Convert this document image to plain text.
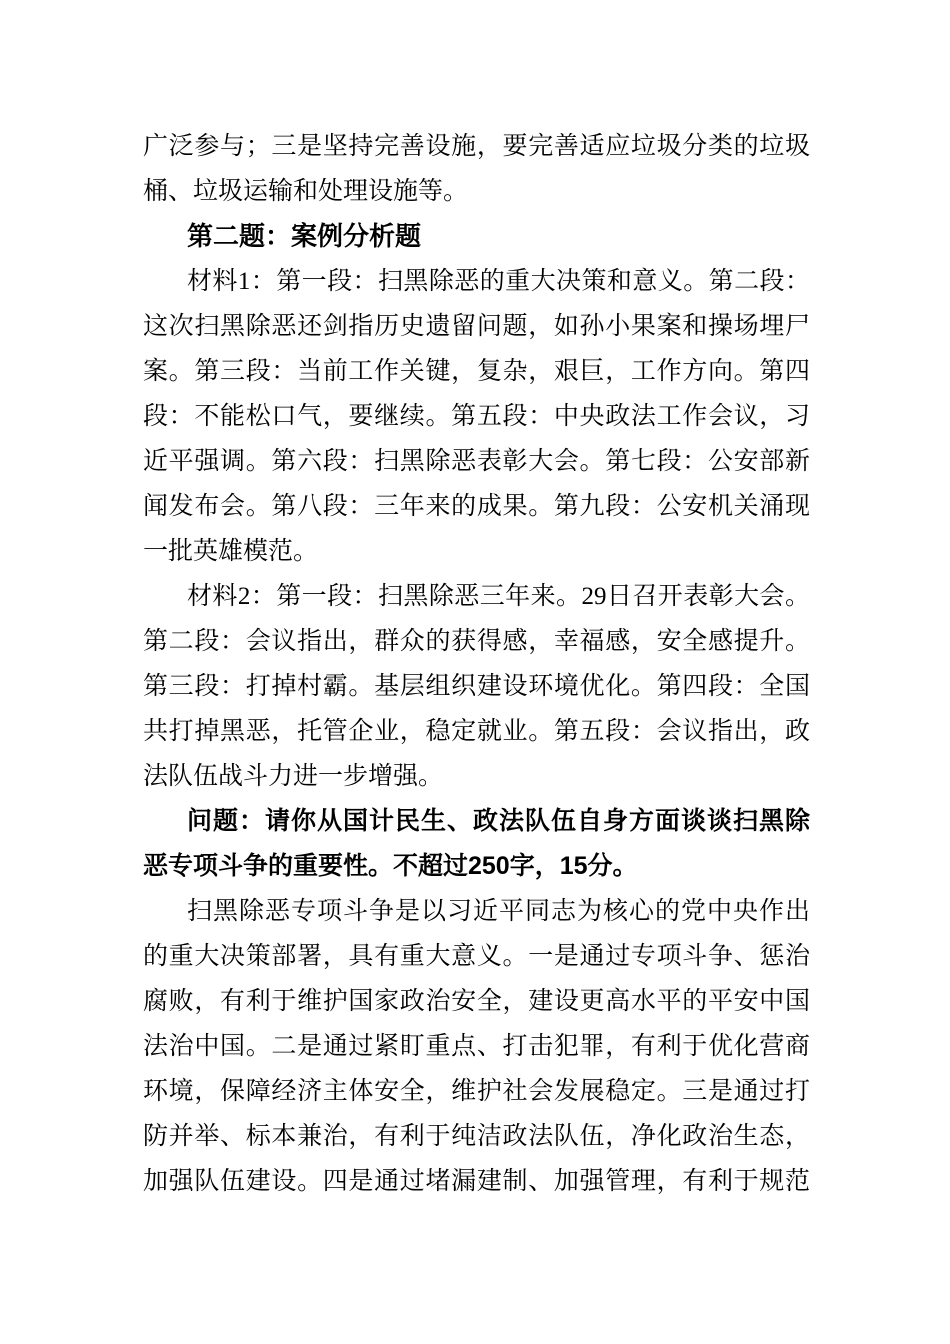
广泛参与；三是坚持完善设施，要完善适应垃圾分类的垃圾
桶、垃圾运输和处理设施等。
第二题：案例分析题
材料1：第一段：扫黑除恶的重大决策和意义。第二段：
这次扫黑除恶还剑指历史遗留问题，如孙小果案和操场埋尸
案。第三段：当前工作关键，复杂，艰巨，工作方向。第四
段：不能松口气，要继续。第五段：中央政法工作会议，习
近平强调。第六段：扫黑除恶表彰大会。第七段：公安部新
闻发布会。第八段：三年来的成果。第九段：公安机关涌现
一批英雄模范。
材料2：第一段：扫黑除恶三年来。29日召开表彰大会。
第二段：会议指出，群众的获得感，幸福感，安全感提升。
第三段：打掉村霸。基层组织建设环境优化。第四段：全国
共打掉黑恶，托管企业，稳定就业。第五段：会议指出，政
法队伍战斗力进一步增强。
问题：请你从国计民生、政法队伍自身方面谈谈扫黑除
恶专项斗争的重要性。不超过250字，15分。
扫黑除恶专项斗争是以习近平同志为核心的党中央作出
的重大决策部署，具有重大意义。一是通过专项斗争、惩治
腐败，有利于维护国家政治安全，建设更高水平的平安中国
法治中国。二是通过紧盯重点、打击犯罪，有利于优化营商
环境，保障经济主体安全，维护社会发展稳定。三是通过打
防并举、标本兼治，有利于纯洁政法队伍，净化政治生态，
加强队伍建设。四是通过堵漏建制、加强管理，有利于规范
